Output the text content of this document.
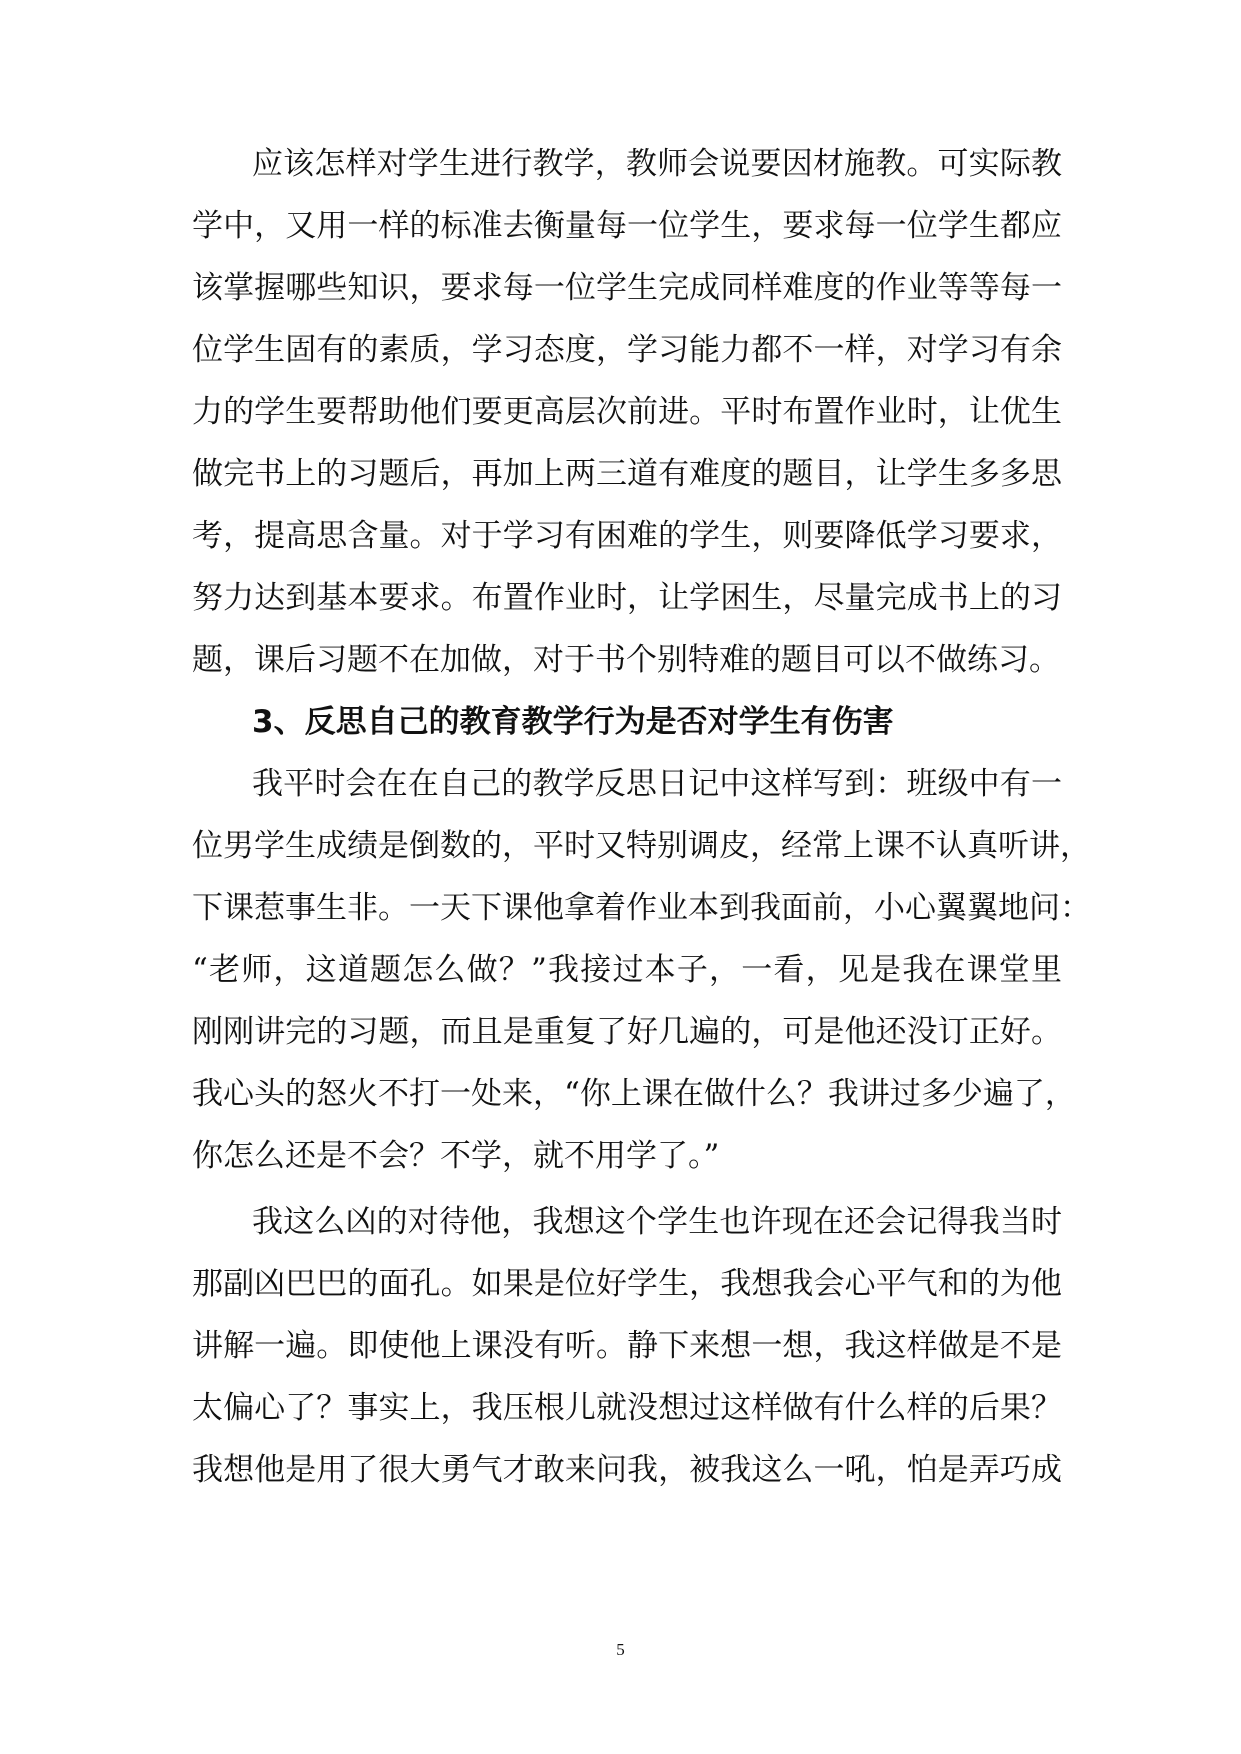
应该怎样对学生进行教学，教师会说要因材施教。可实际教
学中，又用一样的标准去衡量每一位学生，要求每一位学生都应
该掌握哪些知识，要求每一位学生完成同样难度的作业等等每一
位学生固有的素质，学习态度，学习能力都不一样，对学习有余
力的学生要帮助他们要更高层次前进。平时布置作业时，让优生
做完书上的习题后，再加上两三道有难度的题目，让学生多多思
考，提高思含量。对于学习有困难的学生，则要降低学习要求，
努力达到基本要求。布置作业时，让学困生，尽量完成书上的习
题，课后习题不在加做，对于书个别特难的题目可以不做练习。
3、反思自己的教育教学行为是否对学生有伤害
我平时会在在自己的教学反思日记中这样写到：班级中有一
位男学生成绩是倒数的，平时又特别调皮，经常上课不认真听讲，
下课惹事生非。一天下课他拿着作业本到我面前，小心翼翼地问：
“老师，这道题怎么做？”我接过本子，一看，见是我在课堂里
刚刚讲完的习题，而且是重复了好几遍的，可是他还没订正好。
我心头的怒火不打一处来，“你上课在做什么？我讲过多少遍了，
你怎么还是不会？不学，就不用学了。”
我这么凶的对待他，我想这个学生也许现在还会记得我当时
那副凶巴巴的面孔。如果是位好学生，我想我会心平气和的为他
讲解一遍。即使他上课没有听。静下来想一想，我这样做是不是
太偏心了？事实上，我压根儿就没想过这样做有什么样的后果？
我想他是用了很大勇气才敢来问我，被我这么一吼，怕是弄巧成
5
